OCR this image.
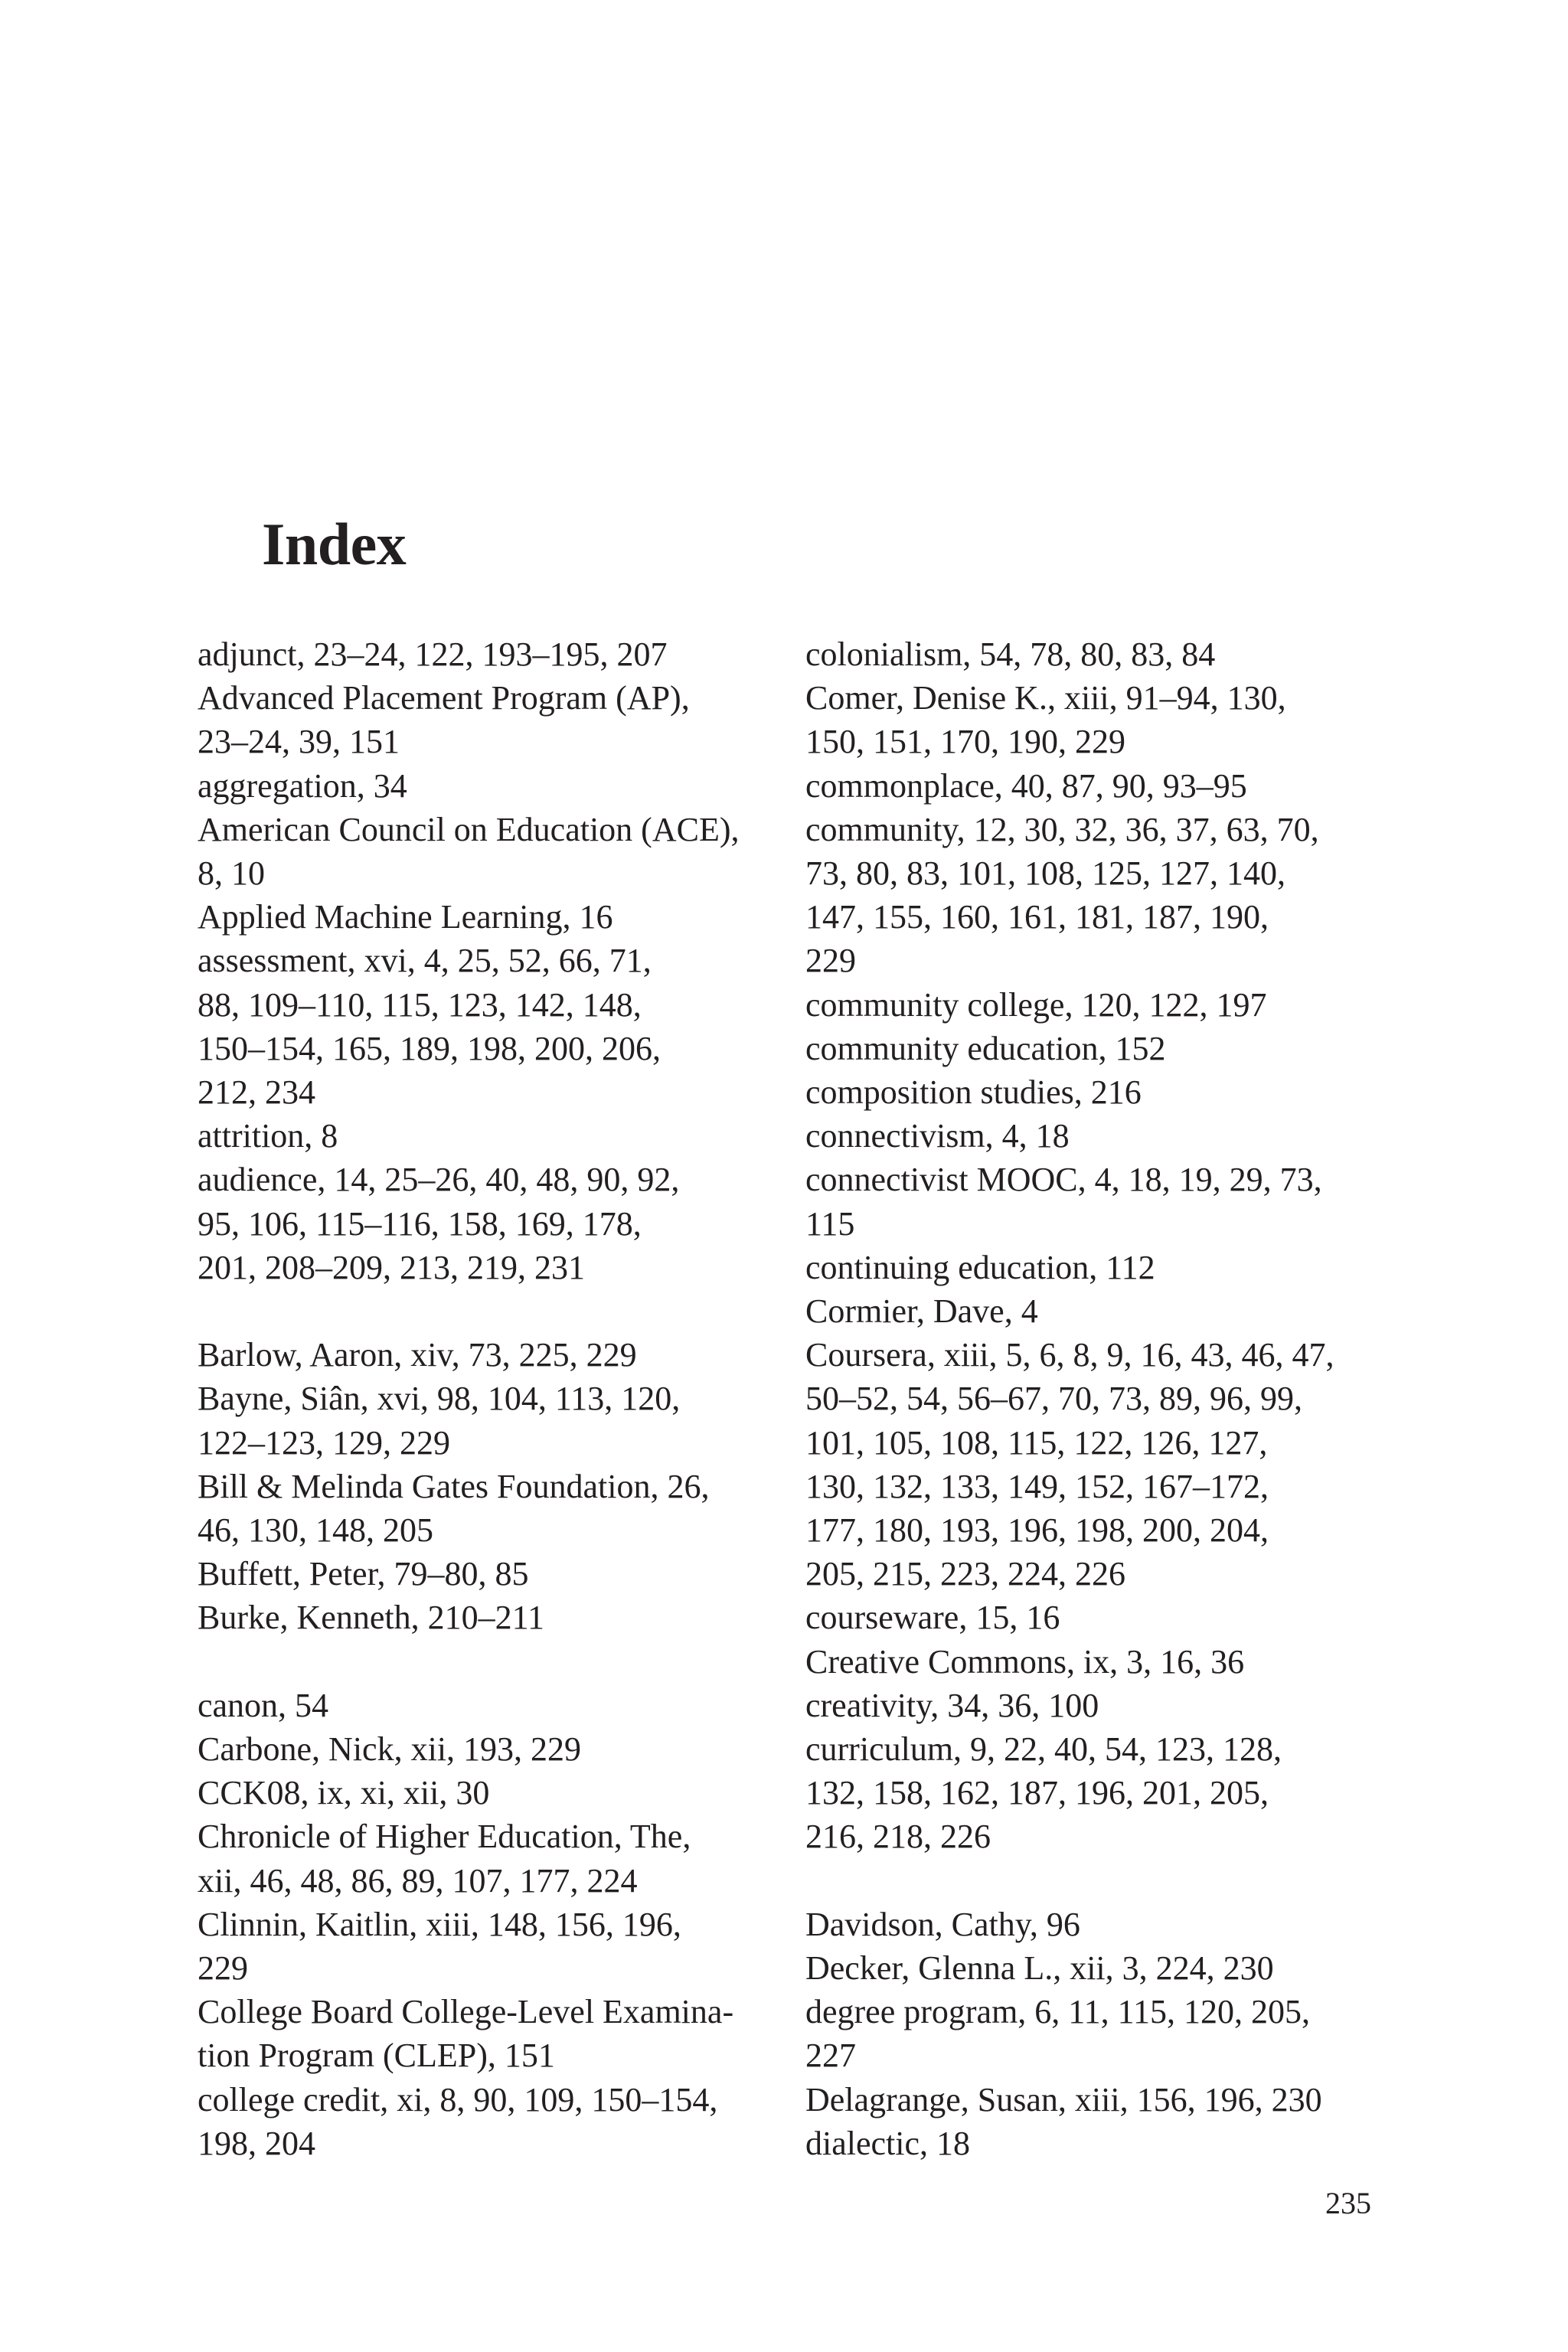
Index
adjunct, 23–24, 122, 193–195, 207
Advanced Placement Program (AP),
23–24, 39, 151
aggregation, 34
American Council on Education (ACE),
8, 10
Applied Machine Learning, 16
assessment, xvi, 4, 25, 52, 66, 71,
88, 109–110, 115, 123, 142, 148,
150–154, 165, 189, 198, 200, 206,
212, 234
attrition, 8
audience, 14, 25–26, 40, 48, 90, 92,
95, 106, 115–116, 158, 169, 178,
201, 208–209, 213, 219, 231
Barlow, Aaron, xiv, 73, 225, 229
Bayne, Siân, xvi, 98, 104, 113, 120,
122–123, 129, 229
Bill & Melinda Gates Foundation, 26,
46, 130, 148, 205
Buffett, Peter, 79–80, 85
Burke, Kenneth, 210–211
canon, 54
Carbone, Nick, xii, 193, 229
CCK08, ix, xi, xii, 30
Chronicle of Higher Education, The,
xii, 46, 48, 86, 89, 107, 177, 224
Clinnin, Kaitlin, xiii, 148, 156, 196,
229
College Board College-Level Examina-
tion Program (CLEP), 151
college credit, xi, 8, 90, 109, 150–154,
198, 204
colonialism, 54, 78, 80, 83, 84
Comer, Denise K., xiii, 91–94, 130,
150, 151, 170, 190, 229
commonplace, 40, 87, 90, 93–95
community, 12, 30, 32, 36, 37, 63, 70,
73, 80, 83, 101, 108, 125, 127, 140,
147, 155, 160, 161, 181, 187, 190,
229
community college, 120, 122, 197
community education, 152
composition studies, 216
connectivism, 4, 18
connectivist MOOC, 4, 18, 19, 29, 73,
115
continuing education, 112
Cormier, Dave, 4
Coursera, xiii, 5, 6, 8, 9, 16, 43, 46, 47,
50–52, 54, 56–67, 70, 73, 89, 96, 99,
101, 105, 108, 115, 122, 126, 127,
130, 132, 133, 149, 152, 167–172,
177, 180, 193, 196, 198, 200, 204,
205, 215, 223, 224, 226
courseware, 15, 16
Creative Commons, ix, 3, 16, 36
creativity, 34, 36, 100
curriculum, 9, 22, 40, 54, 123, 128,
132, 158, 162, 187, 196, 201, 205,
216, 218, 226
Davidson, Cathy, 96
Decker, Glenna L., xii, 3, 224, 230
degree program, 6, 11, 115, 120, 205,
227
Delagrange, Susan, xiii, 156, 196, 230
dialectic, 18
235
